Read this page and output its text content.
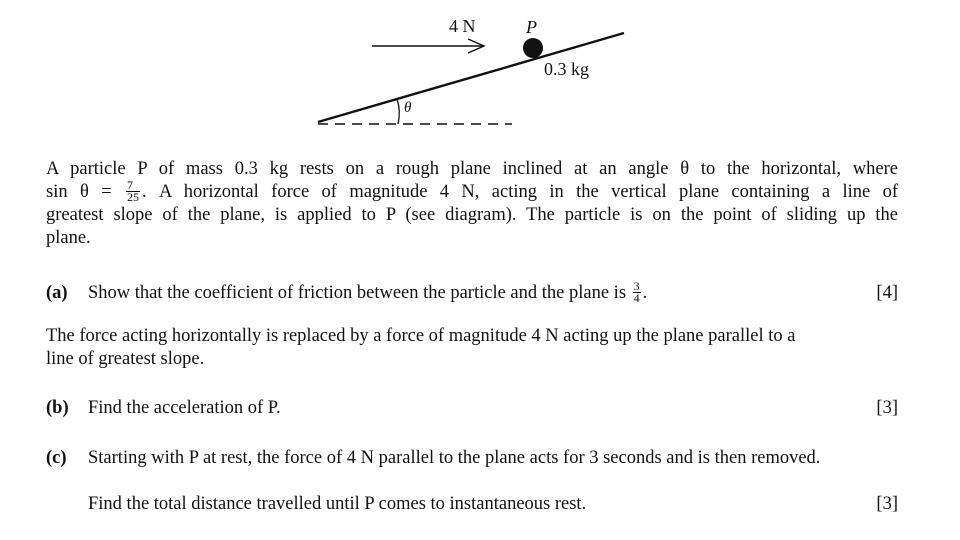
4 N	P
0.3 kg
θ
A particle P of mass 0.3 kg rests on a rough plane inclined at an angle θ to the horizontal, where
$\sin \theta = \frac{7}{25}$ . A horizontal force of magnitude 4 N, acting in the vertical plane containing a line of
greatest slope of the plane, is applied to P (see diagram). The particle is on the point of sliding up the
plane.
(a) Show that the coefficient of friction between the particle and the plane is $\frac{3}{4}$ .	[4]
The force acting horizontally is replaced by a force of magnitude 4 N acting up the plane parallel to a
line of greatest slope.
(b) Find the acceleration of P.	[3]
(c) Starting with P at rest, the force of 4 N parallel to the plane acts for 3 seconds and is then removed.
Find the total distance travelled until P comes to instantaneous rest.	[3]
